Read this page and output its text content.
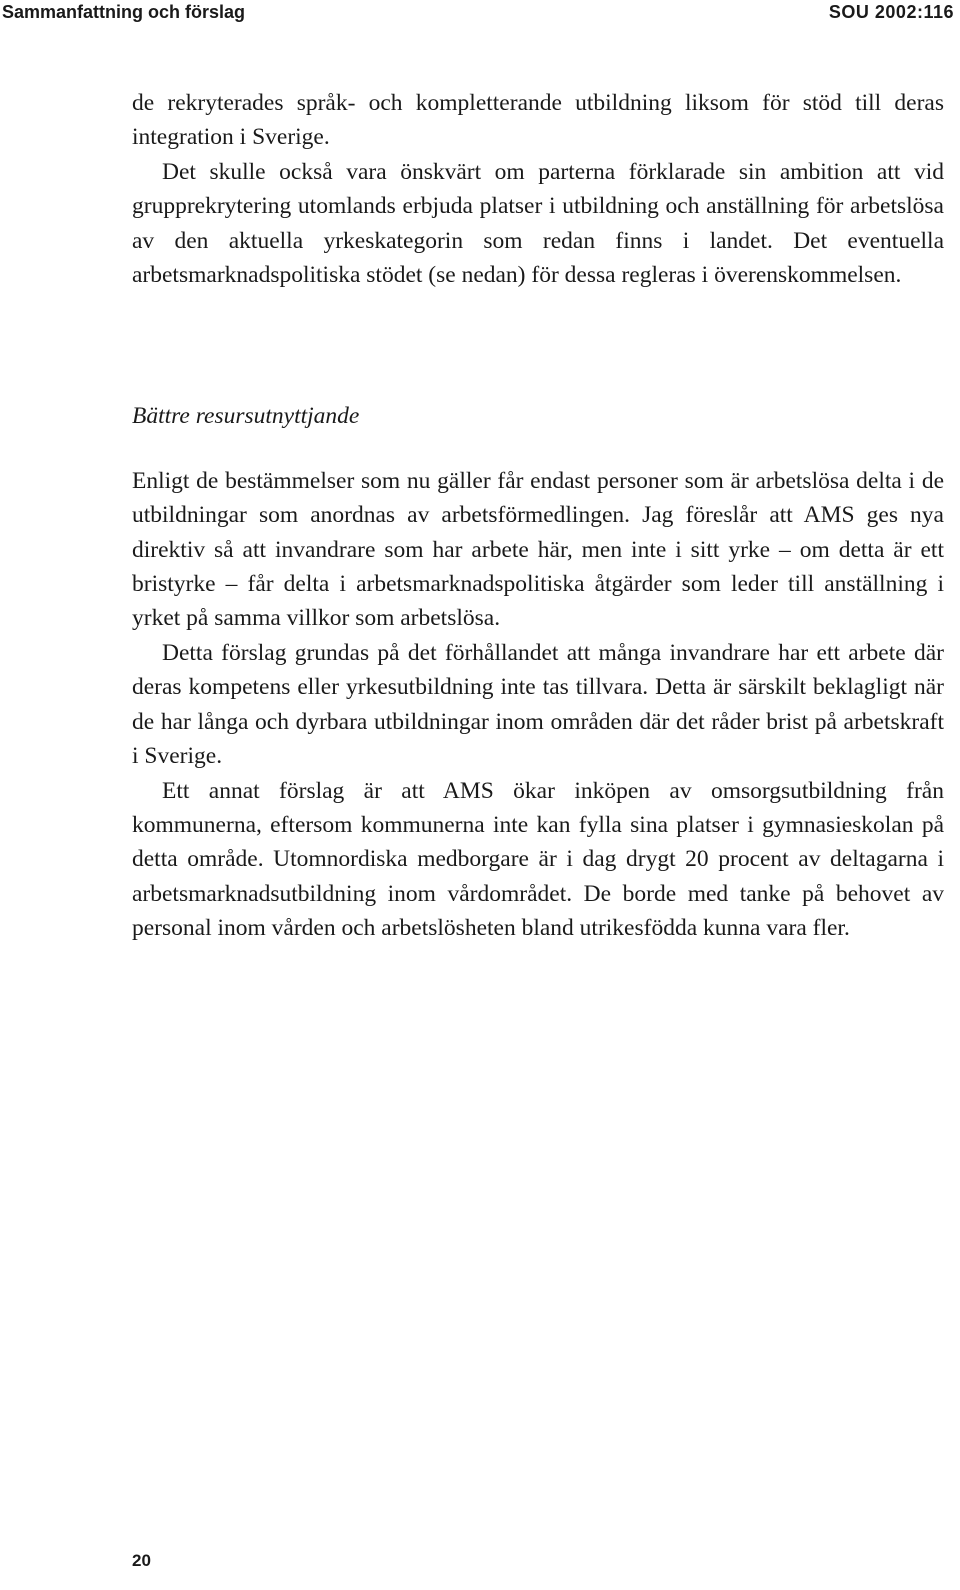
Sammanfattning och förslag	SOU 2002:116

de rekryterades språk- och kompletterande utbildning liksom för stöd till deras integration i Sverige.

Det skulle också vara önskvärt om parterna förklarade sin ambition att vid grupprekrytering utomlands erbjuda platser i utbildning och anställning för arbetslösa av den aktuella yrkeskategorin som redan finns i landet. Det eventuella arbetsmarknadspolitiska stödet (se nedan) för dessa regleras i överenskommelsen.

Bättre resursutnyttjande

Enligt de bestämmelser som nu gäller får endast personer som är arbetslösa delta i de utbildningar som anordnas av arbetsförmedlingen. Jag föreslår att AMS ges nya direktiv så att invandrare som har arbete här, men inte i sitt yrke – om detta är ett bristyrke – får delta i arbetsmarknadspolitiska åtgärder som leder till anställning i yrket på samma villkor som arbetslösa.

Detta förslag grundas på det förhållandet att många invandrare har ett arbete där deras kompetens eller yrkesutbildning inte tas tillvara. Detta är särskilt beklagligt när de har långa och dyrbara utbildningar inom områden där det råder brist på arbetskraft i Sverige.

Ett annat förslag är att AMS ökar inköpen av omsorgsutbildning från kommunerna, eftersom kommunerna inte kan fylla sina platser i gymnasieskolan på detta område. Utomnordiska medborgare är i dag drygt 20 procent av deltagarna i arbetsmarknadsutbildning inom vårdområdet. De borde med tanke på behovet av personal inom vården och arbetslösheten bland utrikesfödda kunna vara fler.

20
